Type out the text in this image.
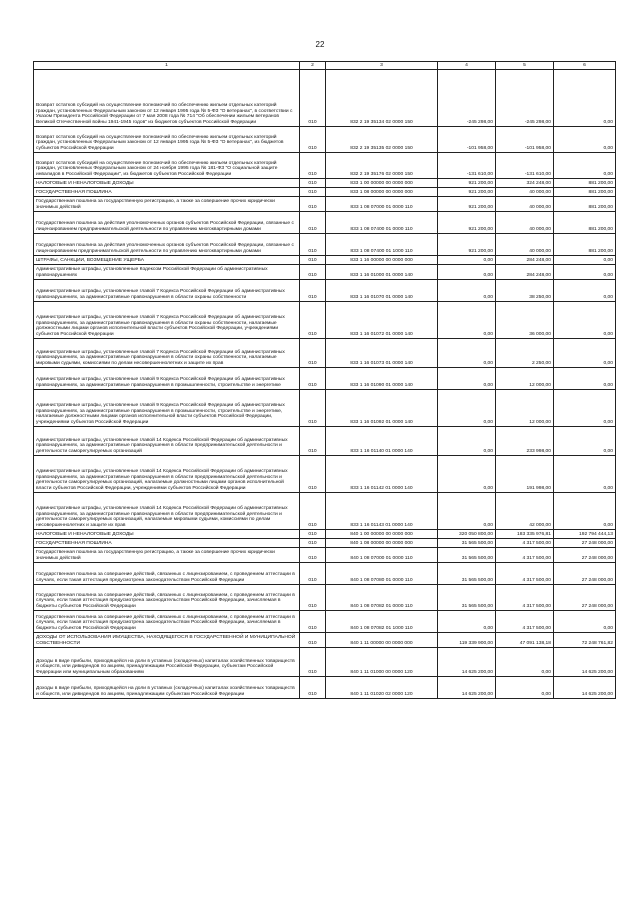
22
1	2	3	4	5	6
Возврат остатков субсидий на осуществление полномочий по обеспечению жильем отдельных категорий граждан, установленных Федеральным законом от 12 января 1995 года № 5-ФЗ "О ветеранах", в соответствии с Указом Президента Российской Федерации от 7 мая 2008 года № 714 "Об обеспечении жильем ветеранов Великой Отечественной войны 1941-1945 годов" из бюджетов субъектов Российской Федерации	010	832 2 19 35134 02 0000 150	-245 298,00	-245 298,00	0,00
Возврат остатков субсидий на осуществление полномочий по обеспечению жильем отдельных категорий граждан, установленных Федеральным законом от 12 января 1995 года № 5-ФЗ "О ветеранах", из бюджетов субъектов Российской Федерации	010	832 2 19 35135 02 0000 150	-101 958,00	-101 958,00	0,00
Возврат остатков субсидий на осуществление полномочий по обеспечению жильем отдельных категорий граждан, установленных Федеральным законом от 24 ноября 1995 года № 181-ФЗ "О социальной защите инвалидов в Российской Федерации", из бюджетов субъектов Российской Федерации	010	832 2 19 35176 02 0000 150	-131 610,00	-131 610,00	0,00
НАЛОГОВЫЕ И НЕНАЛОГОВЫЕ ДОХОДЫ	010	833 1 00 00000 00 0000 000	921 200,00	324 248,00	881 200,00
ГОСУДАРСТВЕННАЯ ПОШЛИНА	010	833 1 08 00000 00 0000 000	921 200,00	40 000,00	881 200,00
Государственная пошлина за государственную регистрацию, а также за совершение прочих юридически значимых действий	010	833 1 08 07000 01 0000 110	921 200,00	40 000,00	881 200,00
Государственная пошлина за действия уполномоченных органов субъектов Российской Федерации, связанные с лицензированием предпринимательской деятельности по управлению многоквартирными домами	010	833 1 08 07400 01 0000 110	921 200,00	40 000,00	881 200,00
Государственная пошлина за действия уполномоченных органов субъектов Российской Федерации, связанные с лицензированием предпринимательской деятельности по управлению многоквартирными домами	010	833 1 08 07400 01 1000 110	921 200,00	40 000,00	881 200,00
ШТРАФЫ, САНКЦИИ, ВОЗМЕЩЕНИЕ УЩЕРБА	010	833 1 16 00000 00 0000 000	0,00	284 248,00	0,00
Административные штрафы, установленные Кодексом Российской Федерации об административных правонарушениях	010	833 1 16 01000 01 0000 140	0,00	284 248,00	0,00
Административные штрафы, установленные главой 7 Кодекса Российской Федерации об административных правонарушениях, за административные правонарушения в области охраны собственности	010	833 1 16 01070 01 0000 140	0,00	38 250,00	0,00
Административные штрафы, установленные главой 7 Кодекса Российской Федерации об административных правонарушениях, за административные правонарушения в области охраны собственности, налагаемые должностными лицами органов исполнительной власти субъектов Российской Федерации, учреждениями субъектов Российской Федерации	010	833 1 16 01072 01 0000 140	0,00	36 000,00	0,00
Административные штрафы, установленные главой 7 Кодекса Российской Федерации об административных правонарушениях, за административные правонарушения в области охраны собственности, налагаемые мировыми судьями, комиссиями по делам несовершеннолетних и защите их прав	010	833 1 16 01073 01 0000 140	0,00	2 250,00	0,00
Административные штрафы, установленные главой 9 Кодекса Российской Федерации об административных правонарушениях, за административные правонарушения в промышленности, строительстве и энергетике	010	833 1 16 01090 01 0000 140	0,00	12 000,00	0,00
Административные штрафы, установленные главой 9 Кодекса Российской Федерации об административных правонарушениях, за административные правонарушения в промышленности, строительстве и энергетике, налагаемые должностными лицами органов исполнительной власти субъектов Российской Федерации, учреждениями субъектов Российской Федерации	010	833 1 16 01092 01 0000 140	0,00	12 000,00	0,00
Административные штрафы, установленные главой 14 Кодекса Российской Федерации об административных правонарушениях, за административные правонарушения в области предпринимательской деятельности и деятельности саморегулируемых организаций	010	833 1 16 01140 01 0000 140	0,00	233 998,00	0,00
Административные штрафы, установленные главой 14 Кодекса Российской Федерации об административных правонарушениях, за административные правонарушения в области предпринимательской деятельности и деятельности саморегулируемых организаций, налагаемые должностными лицами органов исполнительной власти субъектов Российской Федерации, учреждениями субъектов Российской Федерации	010	833 1 16 01142 01 0000 140	0,00	191 998,00	0,00
Административные штрафы, установленные главой 14 Кодекса Российской Федерации об административных правонарушениях, за административные правонарушения в области предпринимательской деятельности и деятельности саморегулируемых организаций, налагаемые мировыми судьями, комиссиями по делам несовершеннолетних и защите их прав	010	833 1 16 01143 01 0000 140	0,00	42 000,00	0,00
НАЛОГОВЫЕ И НЕНАЛОГОВЫЕ ДОХОДЫ	010	840 1 00 00000 00 0000 000	320 050 800,00	183 335 976,81	192 794 444,13
ГОСУДАРСТВЕННАЯ ПОШЛИНА	010	840 1 08 00000 00 0000 000	31 565 500,00	4 317 500,00	27 248 000,00
Государственная пошлина за государственную регистрацию, а также за совершение прочих юридически значимых действий	010	840 1 08 07000 01 0000 110	31 565 500,00	4 317 500,00	27 248 000,00
Государственная пошлина за совершение действий, связанных с лицензированием, с проведением аттестации в случаях, если такая аттестация предусмотрена законодательством Российской Федерации	010	840 1 08 07080 01 0000 110	31 565 500,00	4 317 500,00	27 248 000,00
Государственная пошлина за совершение действий, связанных с лицензированием, с проведением аттестации в случаях, если такая аттестация предусмотрена законодательством Российской Федерации, зачисляемая в бюджеты субъектов Российской Федерации	010	840 1 08 07082 01 0000 110	31 565 500,00	4 317 500,00	27 248 000,00
Государственная пошлина за совершение действий, связанных с лицензированием, с проведением аттестации в случаях, если такая аттестация предусмотрена законодательством Российской Федерации, зачисляемая в бюджеты субъектов Российской Федерации	010	840 1 08 07082 01 1000 110	0,00	4 317 500,00	0,00
ДОХОДЫ ОТ ИСПОЛЬЗОВАНИЯ ИМУЩЕСТВА, НАХОДЯЩЕГОСЯ В ГОСУДАРСТВЕННОЙ И МУНИЦИПАЛЬНОЙ СОБСТВЕННОСТИ	010	840 1 11 00000 00 0000 000	119 339 900,00	47 091 138,18	72 248 761,82
Доходы в виде прибыли, приходящейся на доли в уставных (складочных) капиталах хозяйственных товариществ и обществ, или дивидендов по акциям, принадлежащим Российской Федерации, субъектам Российской Федерации или муниципальным образованиям	010	840 1 11 01000 00 0000 120	14 625 200,00	0,00	14 625 200,00
Доходы в виде прибыли, приходящейся на доли в уставных (складочных) капиталах хозяйственных товариществ и обществ, или дивидендов по акциям, принадлежащим субъектам Российской Федерации	010	840 1 11 01020 02 0000 120	14 625 200,00	0,00	14 625 200,00
